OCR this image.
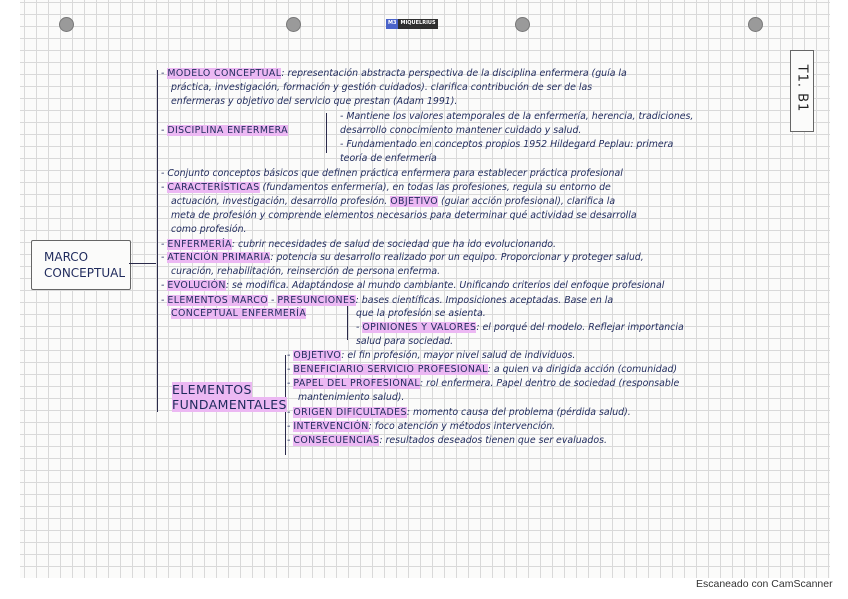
M3 MIQUELRIUS
T1. B1
MARCO
CONCEPTUAL
ELEMENTOS
FUNDAMENTALES
- MODELO CONCEPTUAL: representación abstracta perspectiva de la disciplina enfermera (guía la
práctica, investigación, formación y gestión cuidados). clarifica contribución de ser de las
enfermeras y objetivo del servicio que prestan (Adam 1991).
- Mantiene los valores atemporales de la enfermería, herencia, tradiciones,
- DISCIPLINA ENFERMERA	desarrollo conocimiento mantener cuidado y salud.
- Fundamentado en conceptos propios 1952 Hildegard Peplau: primera
teoría de enfermería
- Conjunto conceptos básicos que definen práctica enfermera para establecer práctica profesional
- CARACTERÍSTICAS (fundamentos enfermería), en todas las profesiones, regula su entorno de
actuación, investigación, desarrollo profesión. OBJETIVO (guiar acción profesional), clarifica la
meta de profesión y comprende elementos necesarios para determinar qué actividad se desarrolla
como profesión.
- ENFERMERÍA: cubrir necesidades de salud de sociedad que ha ido evolucionando.
- ATENCIÓN PRIMARIA: potencia su desarrollo realizado por un equipo. Proporcionar y proteger salud,
curación, rehabilitación, reinserción de persona enferma.
- EVOLUCIÓN: se modifica. Adaptándose al mundo cambiante. Unificando criterios del enfoque profesional
- ELEMENTOS MARCO - PRESUNCIONES: bases científicas. Imposiciones aceptadas. Base en la
CONCEPTUAL ENFERMERÍA	que la profesión se asienta.
- OPINIONES Y VALORES: el porqué del modelo. Reflejar importancia
salud para sociedad.
- OBJETIVO: el fin profesión, mayor nivel salud de individuos.
- BENEFICIARIO SERVICIO PROFESIONAL: a quien va dirigida acción (comunidad)
- PAPEL DEL PROFESIONAL: rol enfermera. Papel dentro de sociedad (responsable
mantenimiento salud).
- ORIGEN DIFICULTADES: momento causa del problema (pérdida salud).
- INTERVENCIÓN: foco atención y métodos intervención.
- CONSECUENCIAS: resultados deseados tienen que ser evaluados.
Escaneado con CamScanner
